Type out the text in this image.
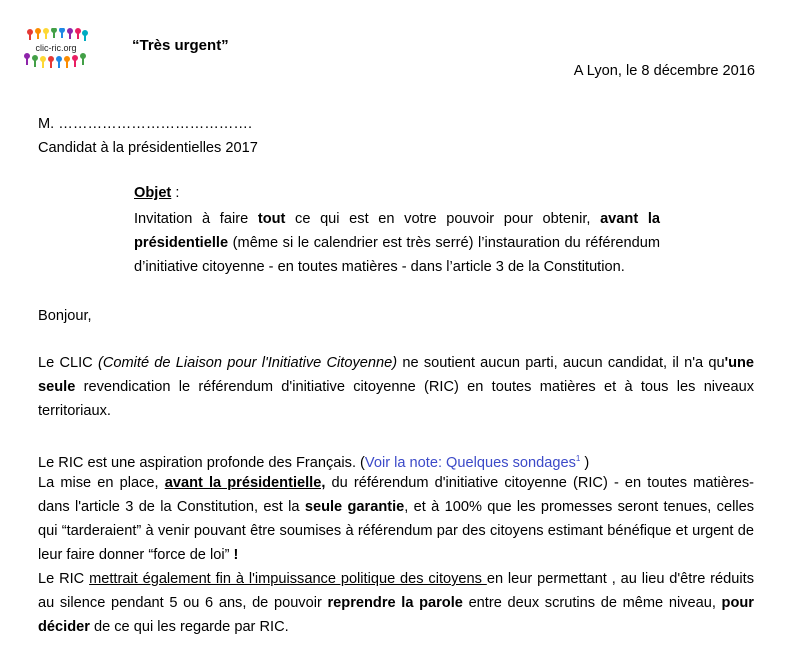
clic-ric.org	“Très urgent”
A Lyon, le 8 décembre 2016
M. ………………………………….
Candidat à la présidentielles 2017
Objet :
Invitation à faire tout ce qui est en votre pouvoir pour obtenir, avant la présidentielle (même si le calendrier est très serré) l’instauration du référendum d’initiative citoyenne - en toutes matières - dans l’article 3 de la Constitution.
Bonjour,
Le CLIC (Comité de Liaison pour l'Initiative Citoyenne) ne soutient aucun parti, aucun candidat, il n'a qu'une seule revendication le référendum d'initiative citoyenne (RIC) en toutes matières et à tous les niveaux territoriaux.
Le RIC est une aspiration profonde des Français. (Voir la note: Quelques sondages$^1$ )
La mise en place, avant la présidentielle, du référendum d'initiative citoyenne (RIC) - en toutes matières- dans l'article 3 de la Constitution, est la seule garantie, et à 100% que les promesses seront tenues, celles qui “tarderaient” à venir pouvant être soumises à référendum par des citoyens estimant bénéfique et urgent de leur faire donner “force de loi” !
Le RIC mettrait également fin à l'impuissance politique des citoyens en leur permettant , au lieu d'être réduits au silence pendant 5 ou 6 ans, de pouvoir reprendre la parole entre deux scrutins de même niveau, pour décider de ce qui les regarde par RIC.
